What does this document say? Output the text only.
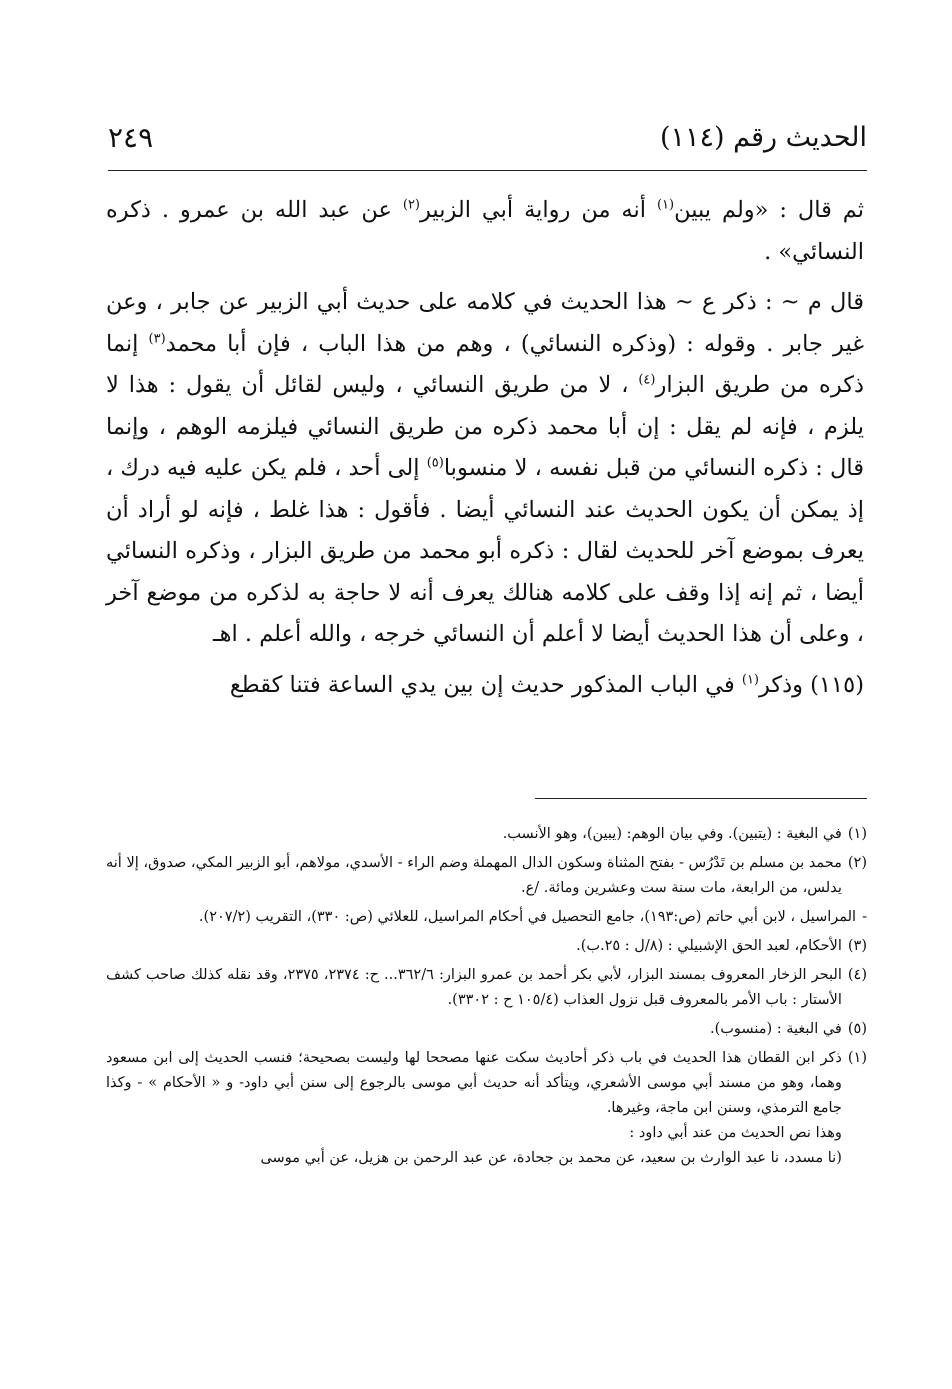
الحديث رقم (١١٤)
٢٤٩

ثم قال : «ولم يبين$^{(١)}$ أنه من رواية أبي الزبير$^{(٢)}$ عن عبد الله بن عمرو . ذكره النسائي» .

قال م ~ : ذكر ع ~ هذا الحديث في كلامه على حديث أبي الزبير عن جابر ، وعن غير جابر . وقوله : (وذكره النسائي) ، وهم من هذا الباب ، فإن أبا محمد$^{(٣)}$ إنما ذكره من طريق البزار$^{(٤)}$ ، لا من طريق النسائي ، وليس لقائل أن يقول : هذا لا يلزم ، فإنه لم يقل : إن أبا محمد ذكره من طريق النسائي فيلزمه الوهم ، وإنما قال : ذكره النسائي من قبل نفسه ، لا منسوبا$^{(٥)}$ إلى أحد ، فلم يكن عليه فيه درك ، إذ يمكن أن يكون الحديث عند النسائي أيضا . فأقول : هذا غلط ، فإنه لو أراد أن يعرف بموضع آخر للحديث لقال : ذكره أبو محمد من طريق البزار ، وذكره النسائي أيضا ، ثم إنه إذا وقف على كلامه هنالك يعرف أنه لا حاجة به لذكره من موضع آخر ، وعلى أن هذا الحديث أيضا لا أعلم أن النسائي خرجه ، والله أعلم . اهـ

(١١٥) وذكر$^{(١)}$ في الباب المذكور حديث إن بين يدي الساعة فتنا كقطع

(١)
في البغية : (يتبين). وفي بيان الوهم: (يبين)، وهو الأنسب.
(٢)
محمد بن مسلم بن تَدْرُس - بفتح المثناة وسكون الدال المهملة وضم الراء - الأسدي، مولاهم، أبو الزبير المكي، صدوق، إلا أنه يدلس، من الرابعة، مات سنة ست وعشرين ومائة. /ع.
-
المراسيل ، لابن أبي حاتم (ص:١٩٣)، جامع التحصيل في أحكام المراسيل، للعلائي (ص: ٣٣٠)، التقريب (٢٠٧/٢).
(٣)
الأحكام، لعبد الحق الإشبيلي : (٨/ل : ٢٥.ب).
(٤)
البحر الزخار المعروف بمسند البزار، لأبي بكر أحمد بن عمرو البزار: ٣٦٢/٦... ح: ٢٣٧٤، ٢٣٧٥، وقد نقله كذلك صاحب كشف الأستار : باب الأمر بالمعروف قبل نزول العذاب (١٠٥/٤ ح : ٣٣٠٢).
(٥)
في البغية : (منسوب).
(١)
ذكر ابن القطان هذا الحديث في باب ذكر أحاديث سكت عنها مصححا لها وليست بصحيحة؛ فنسب الحديث إلى ابن مسعود وهما، وهو من مسند أبي موسى الأشعري، ويتأكد أنه حديث أبي موسى بالرجوع إلى سنن أبي داود- و « الأحكام » - وكذا جامع الترمذي، وسنن ابن ماجة، وغيرها.
وهذا نص الحديث من عند أبي داود :
(نا مسدد، نا عبد الوارث بن سعيد، عن محمد بن جحادة، عن عبد الرحمن بن هزيل، عن أبي موسى
